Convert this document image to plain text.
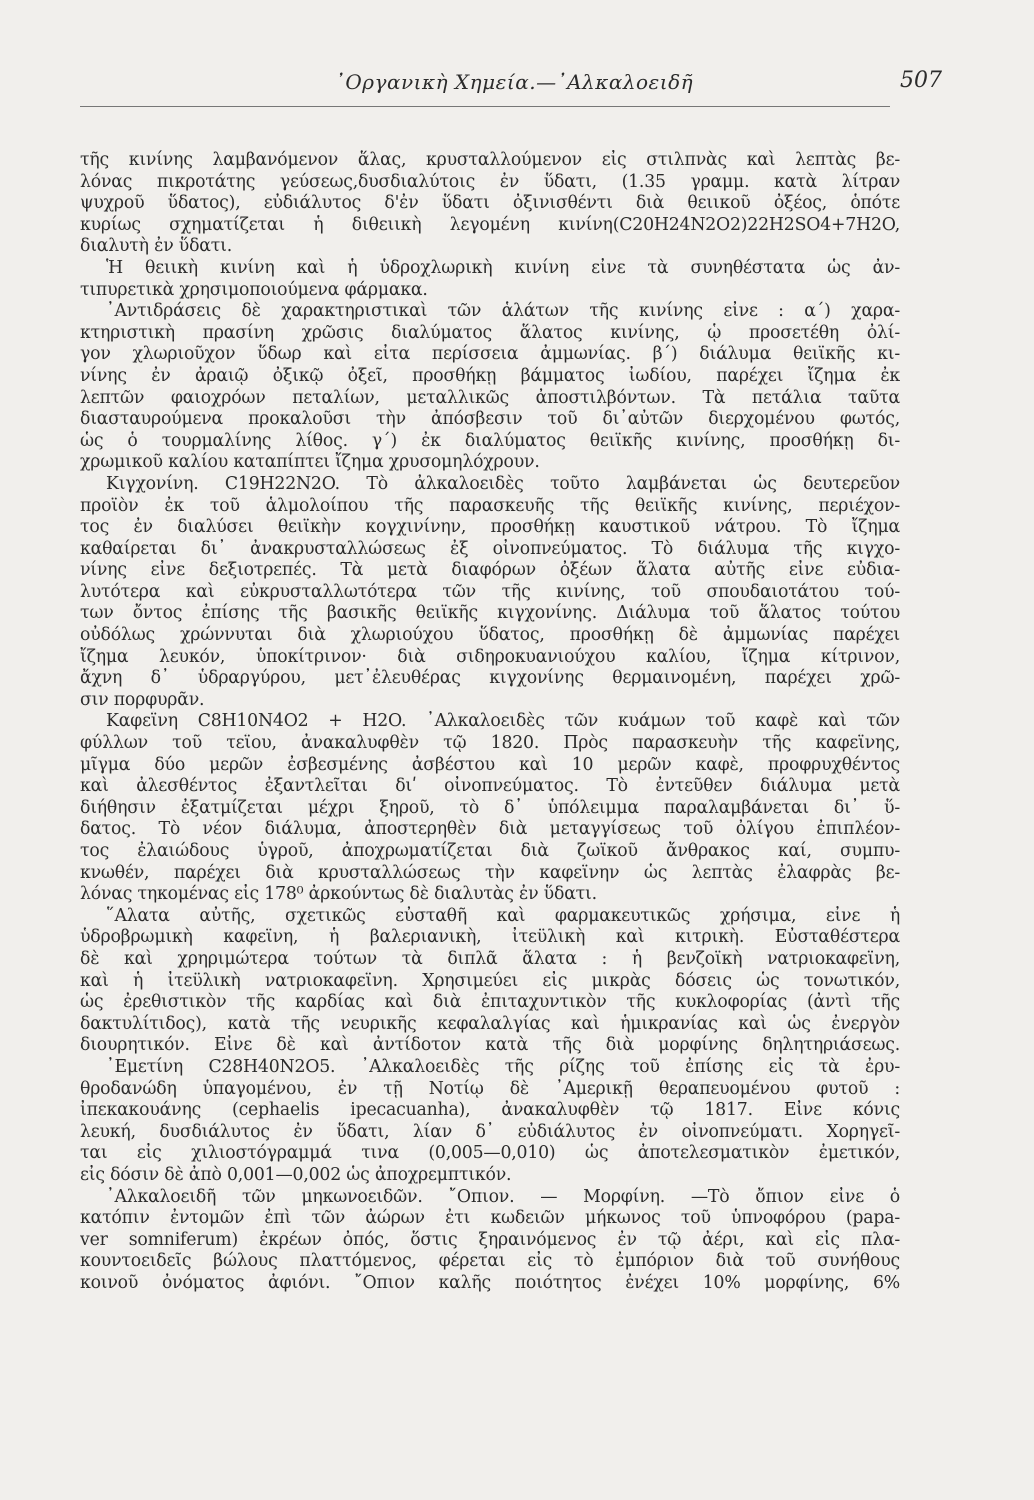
᾽Οργανικὴ Χημεία.—᾽Αλκαλοειδῆ	507
τῆς κινίνης λαμβανόμενον ἅλας, κρυσταλλούμενον εἰς στιλπνὰς καὶ λεπτὰς βε-
λόνας πικροτάτης γεύσεως,δυσδιαλύτοις ἐν ὕδατι, (1.35 γραμμ. κατὰ λίτραν
ψυχροῦ ὕδατος), εὐδιάλυτος δ'ἐν ὕδατι ὀξινισθέντι διὰ θειικοῦ ὀξέος, ὁπότε
κυρίως σχηματίζεται ἡ διθειικὴ λεγομένη κινίνη(C20H24N2O2)22H2SO4+7H2O,
διαλυτὴ ἐν ὕδατι.
Ἡ θειικὴ κινίνη καὶ ἡ ὑδροχλωρικὴ κινίνη εἶνε τὰ συνηθέστατα ὡς ἀν-
τιπυρετικὰ χρησιμοποιούμενα φάρμακα.
᾽Αντιδράσεις δὲ χαρακτηριστικαὶ τῶν ἁλάτων τῆς κινίνης εἶνε : α΄) χαρα-
κτηριστικὴ πρασίνη χρῶσις διαλύματος ἅλατος κινίνης, ᾧ προσετέθη ὀλί-
γον χλωριοῦχον ὕδωρ καὶ εἶτα περίσσεια ἀμμωνίας. β΄) διάλυμα θειϊκῆς κι-
νίνης ἐν ἀραιῷ ὀξικῷ ὀξεῖ, προσθήκῃ βάμματος ἰωδίου, παρέχει ἴζημα ἐκ
λεπτῶν φαιοχρόων πεταλίων, μεταλλικῶς ἀποστιλβόντων. Τὰ πετάλια ταῦτα
διασταυρούμενα προκαλοῦσι τὴν ἀπόσβεσιν τοῦ δι᾽αὐτῶν διερχομένου φωτός,
ὡς ὁ τουρμαλίνης λίθος. γ΄) ἐκ διαλύματος θειϊκῆς κινίνης, προσθήκῃ δι-
χρωμικοῦ καλίου καταπίπτει ἴζημα χρυσομηλόχρουν.
Κιγχονίνη. C19H22N2O. Τὸ ἀλκαλοειδὲς τοῦτο λαμβάνεται ὡς δευτερεῦον
προϊὸν ἐκ τοῦ ἁλμολοίπου τῆς παρασκευῆς τῆς θειϊκῆς κινίνης, περιέχον-
τος ἐν διαλύσει θειϊκὴν κογχινίνην, προσθήκῃ καυστικοῦ νάτρου. Τὸ ἴζημα
καθαίρεται δι᾽ ἀνακρυσταλλώσεως ἐξ οἰνοπνεύματος. Τὸ διάλυμα τῆς κιγχο-
νίνης εἶνε δεξιοτρεπές. Τὰ μετὰ διαφόρων ὀξέων ἅλατα αὐτῆς εἶνε εὐδια-
λυτότερα καὶ εὐκρυσταλλωτότερα τῶν τῆς κινίνης, τοῦ σπουδαιοτάτου τού-
των ὄντος ἐπίσης τῆς βασικῆς θειϊκῆς κιγχονίνης. Διάλυμα τοῦ ἅλατος τούτου
οὐδόλως χρώννυται διὰ χλωριούχου ὕδατος, προσθήκῃ δὲ ἀμμωνίας παρέχει
ἴζημα λευκόν, ὑποκίτρινον· διὰ σιδηροκυανιούχου καλίου, ἴζημα κίτρινον,
ἄχνη δ᾽ ὑδραργύρου, μετ᾽ἐλευθέρας κιγχονίνης θερμαινομένη, παρέχει χρῶ-
σιν πορφυρᾶν.
Καφεΐνη C8H10N4O2 + H2O. ᾽Αλκαλοειδὲς τῶν κυάμων τοῦ καφὲ καὶ τῶν
φύλλων τοῦ τεΐου, ἀνακαλυφθὲν τῷ 1820. Πρὸς παρασκευὴν τῆς καφεΐνης,
μῖγμα δύο μερῶν ἐσβεσμένης ἀσβέστου καὶ 10 μερῶν καφὲ, προφρυχθέντος
καὶ ἀλεσθέντος ἐξαντλεῖται διʹ οἰνοπνεύματος. Τὸ ἐντεῦθεν διάλυμα μετὰ
διήθησιν ἐξατμίζεται μέχρι ξηροῦ, τὸ δ᾽ ὑπόλειμμα παραλαμβάνεται δι᾽ ὕ-
δατος. Τὸ νέον διάλυμα, ἀποστερηθὲν διὰ μεταγγίσεως τοῦ ὀλίγου ἐπιπλέον-
τος ἐλαιώδους ὑγροῦ, ἀποχρωματίζεται διὰ ζωϊκοῦ ἄνθρακος καί, συμπυ-
κνωθέν, παρέχει διὰ κρυσταλλώσεως τὴν καφεΐνην ὡς λεπτὰς ἐλαφρὰς βε-
λόνας τηκομένας εἰς 178⁰ ἀρκούντως δὲ διαλυτὰς ἐν ὕδατι.
῞Αλατα αὐτῆς, σχετικῶς εὐσταθῆ καὶ φαρμακευτικῶς χρήσιμα, εἶνε ἡ
ὑδροβρωμικὴ καφεΐνη, ἡ βαλεριανικὴ, ἰτεϋλικὴ καὶ κιτρικὴ. Εὐσταθέστερα
δὲ καὶ χρηριμώτερα τούτων τὰ διπλᾶ ἅλατα : ἡ βενζοϊκὴ νατριοκαφεΐνη,
καὶ ἡ ἰτεϋλικὴ νατριοκαφεΐνη. Χρησιμεύει εἰς μικρὰς δόσεις ὡς τονωτικόν,
ὡς ἐρεθιστικὸν τῆς καρδίας καὶ διὰ ἐπιταχυντικὸν τῆς κυκλοφορίας (ἀντὶ τῆς
δακτυλίτιδος), κατὰ τῆς νευρικῆς κεφαλαλγίας καὶ ἡμικρανίας καὶ ὡς ἐνεργὸν
διουρητικόν. Εἶνε δὲ καὶ ἀντίδοτον κατὰ τῆς διὰ μορφίνης δηλητηριάσεως.
᾽Εμετίνη C28H40N2O5. ᾽Αλκαλοειδὲς τῆς ρίζης τοῦ ἐπίσης εἰς τὰ ἐρυ-
θροδανώδη ὑπαγομένου, ἐν τῇ Νοτίῳ δὲ ᾽Αμερικῇ θεραπευομένου φυτοῦ :
ἰπεκακουάνης (cephaelis ipecacuanha), ἀνακαλυφθὲν τῷ 1817. Εἶνε κόνις
λευκή, δυσδιάλυτος ἐν ὕδατι, λίαν δ᾽ εὐδιάλυτος ἐν οἰνοπνεύματι. Χορηγεῖ-
ται εἰς χιλιοστόγραμμά τινα (0,005—0,010) ὡς ἀποτελεσματικὸν ἐμετικόν,
εἰς δόσιν δὲ ἀπὸ 0,001—0,002 ὡς ἀποχρεμπτικόν.
᾽Αλκαλοειδῆ τῶν μηκωνοειδῶν. ῎Οπιον. — Μορφίνη. —Τὸ ὄπιον εἶνε ὁ
κατόπιν ἐντομῶν ἐπὶ τῶν ἀώρων ἐτι κωδειῶν μήκωνος τοῦ ὑπνοφόρου (papa-
ver somniferum) ἐκρέων ὀπός, ὅστις ξηραινόμενος ἐν τῷ ἀέρι, καὶ εἰς πλα-
κουντοειδεῖς βώλους πλαττόμενος, φέρεται εἰς τὸ ἐμπόριον διὰ τοῦ συνήθους
κοινοῦ ὀνόματος ἀφιόνι. ῎Οπιον καλῆς ποιότητος ἐνέχει 10% μορφίνης, 6%
